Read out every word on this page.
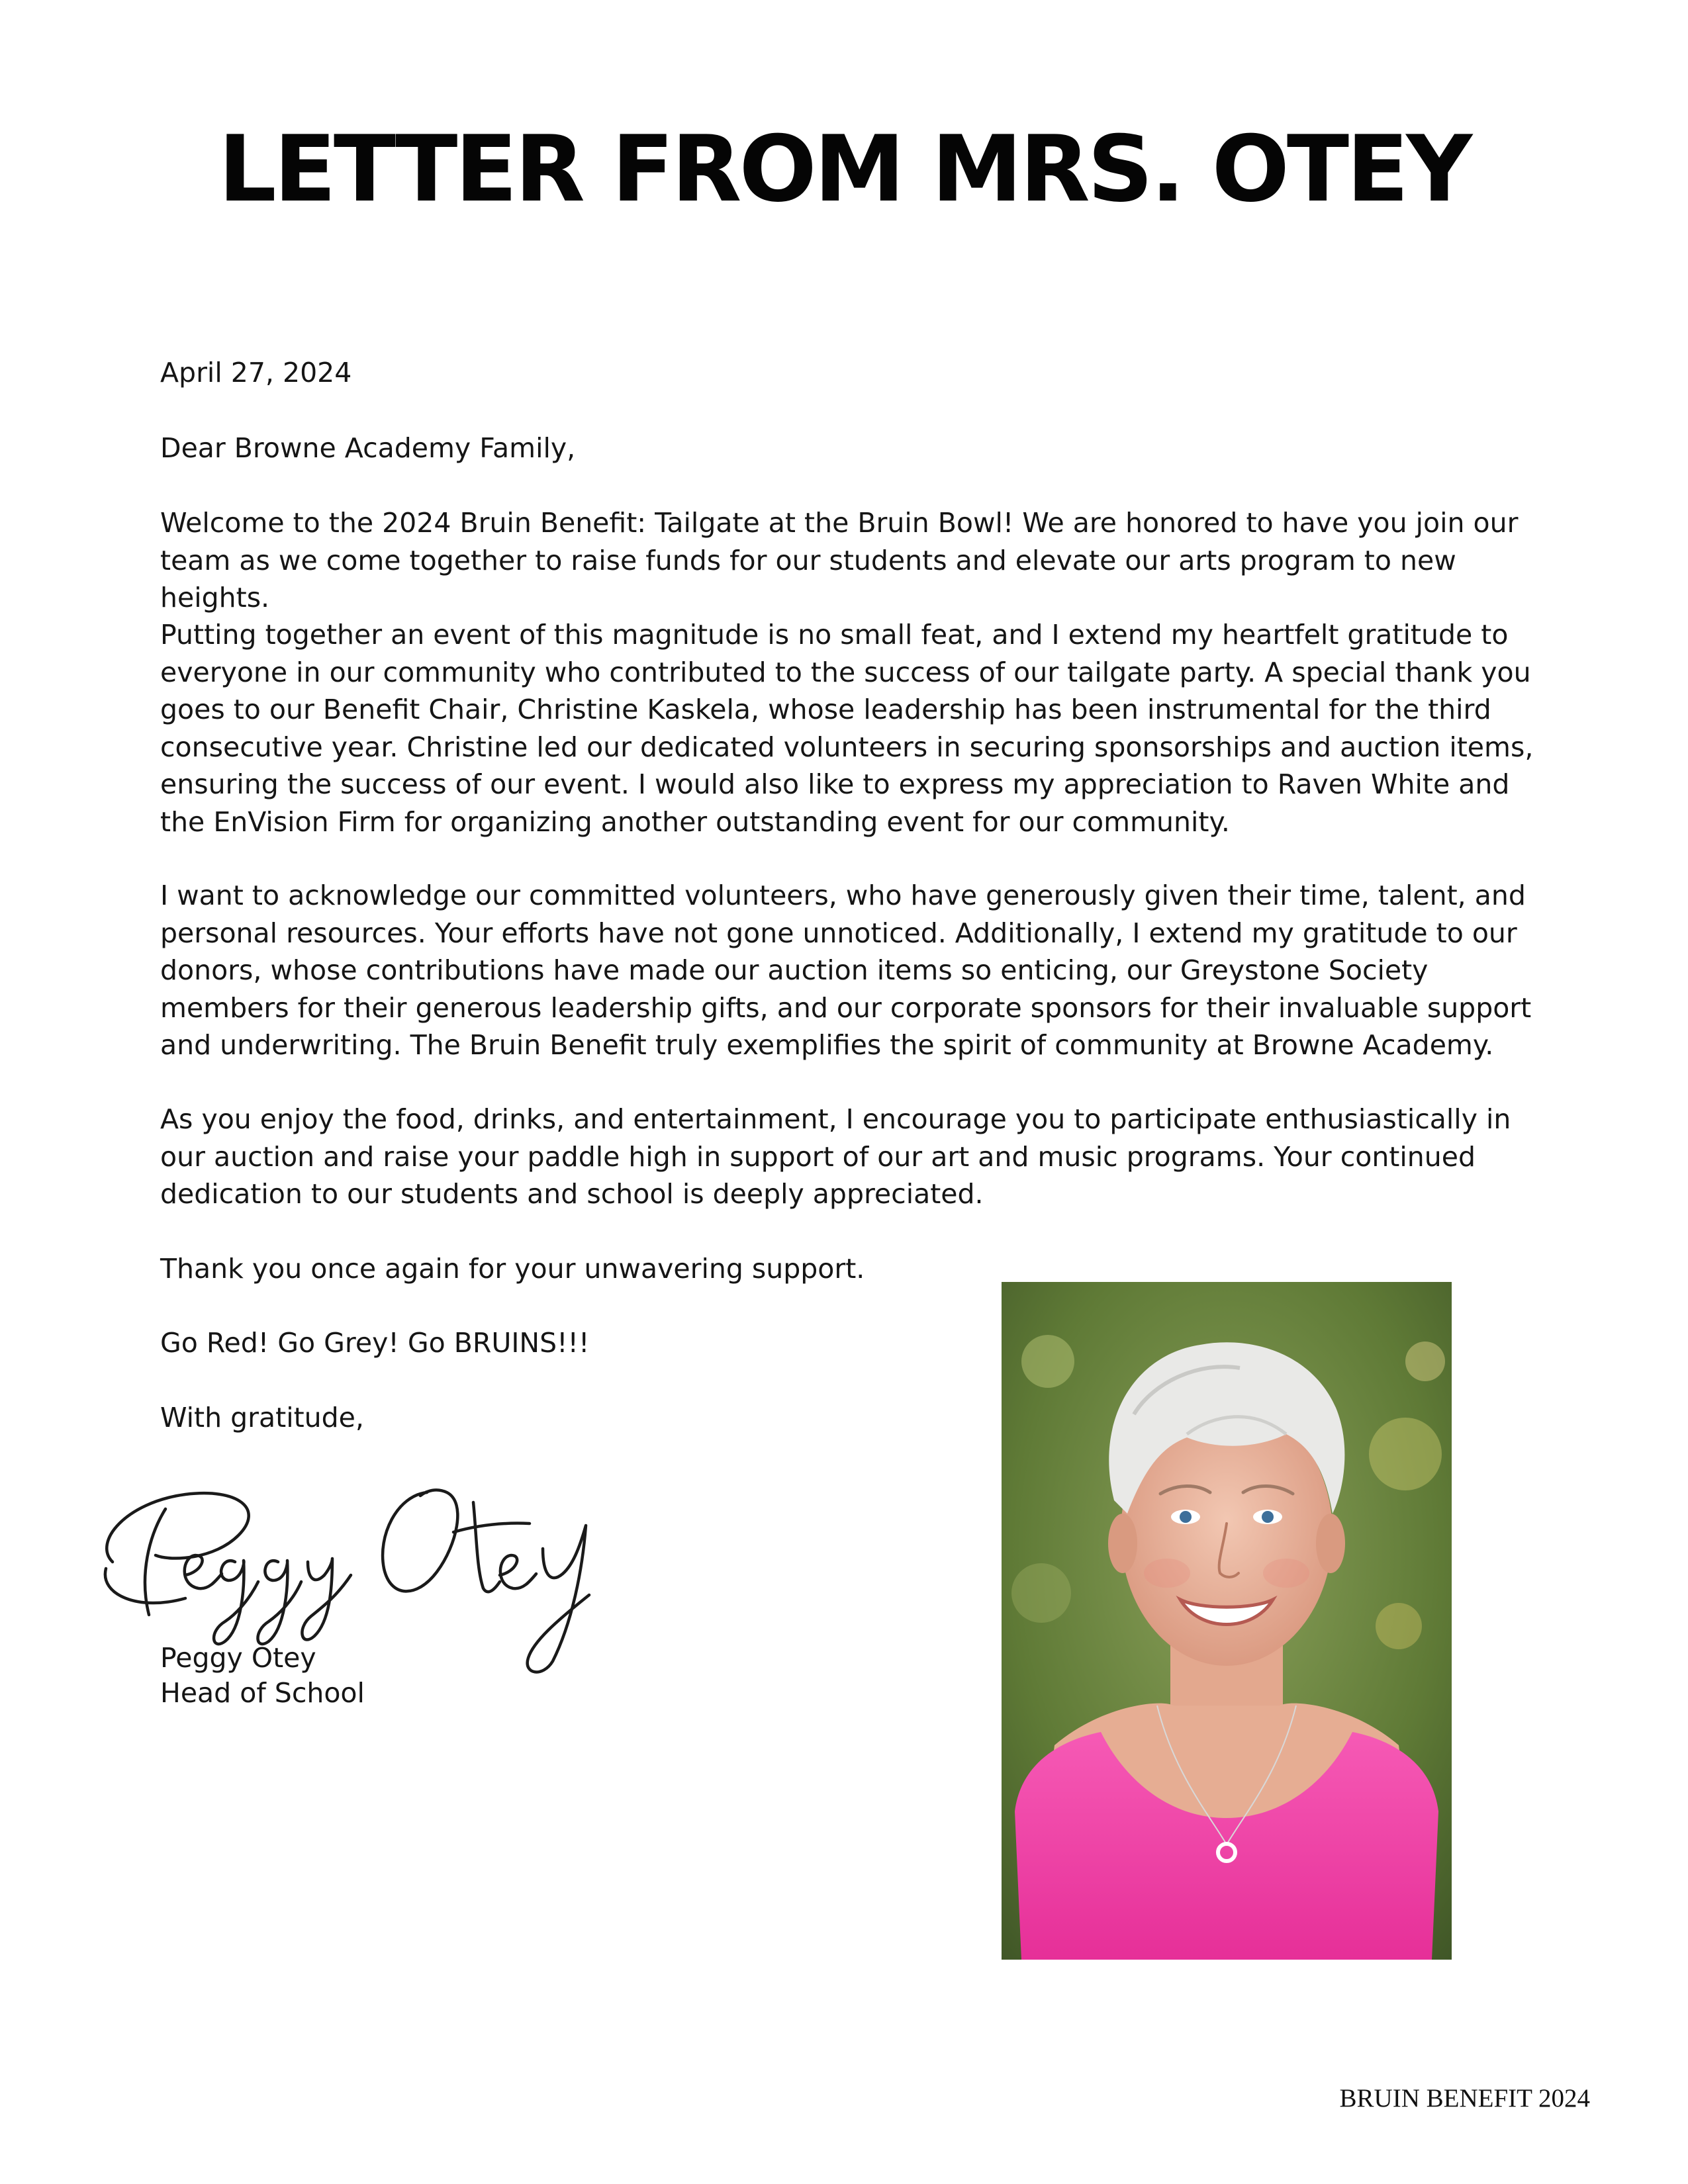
LETTER FROM MRS. OTEY

April 27, 2024

Dear Browne Academy Family,

Welcome to the 2024 Bruin Benefit: Tailgate at the Bruin Bowl! We are honored to have you join our team as we come together to raise funds for our students and elevate our arts program to new heights.

Putting together an event of this magnitude is no small feat, and I extend my heartfelt gratitude to everyone in our community who contributed to the success of our tailgate party. A special thank you goes to our Benefit Chair, Christine Kaskela, whose leadership has been instrumental for the third consecutive year. Christine led our dedicated volunteers in securing sponsorships and auction items, ensuring the success of our event. I would also like to express my appreciation to Raven White and the EnVision Firm for organizing another outstanding event for our community.

I want to acknowledge our committed volunteers, who have generously given their time, talent, and personal resources. Your efforts have not gone unnoticed. Additionally, I extend my gratitude to our donors, whose contributions have made our auction items so enticing, our Greystone Society members for their generous leadership gifts, and our corporate sponsors for their invaluable support and underwriting. The Bruin Benefit truly exemplifies the spirit of community at Browne Academy.

As you enjoy the food, drinks, and entertainment, I encourage you to participate enthusiastically in our auction and raise your paddle high in support of our art and music programs. Your continued dedication to our students and school is deeply appreciated.

Thank you once again for your unwavering support.

Go Red! Go Grey! Go BRUINS!!!

With gratitude,

Peggy Otey

Head of School

BRUIN BENEFIT 2024
